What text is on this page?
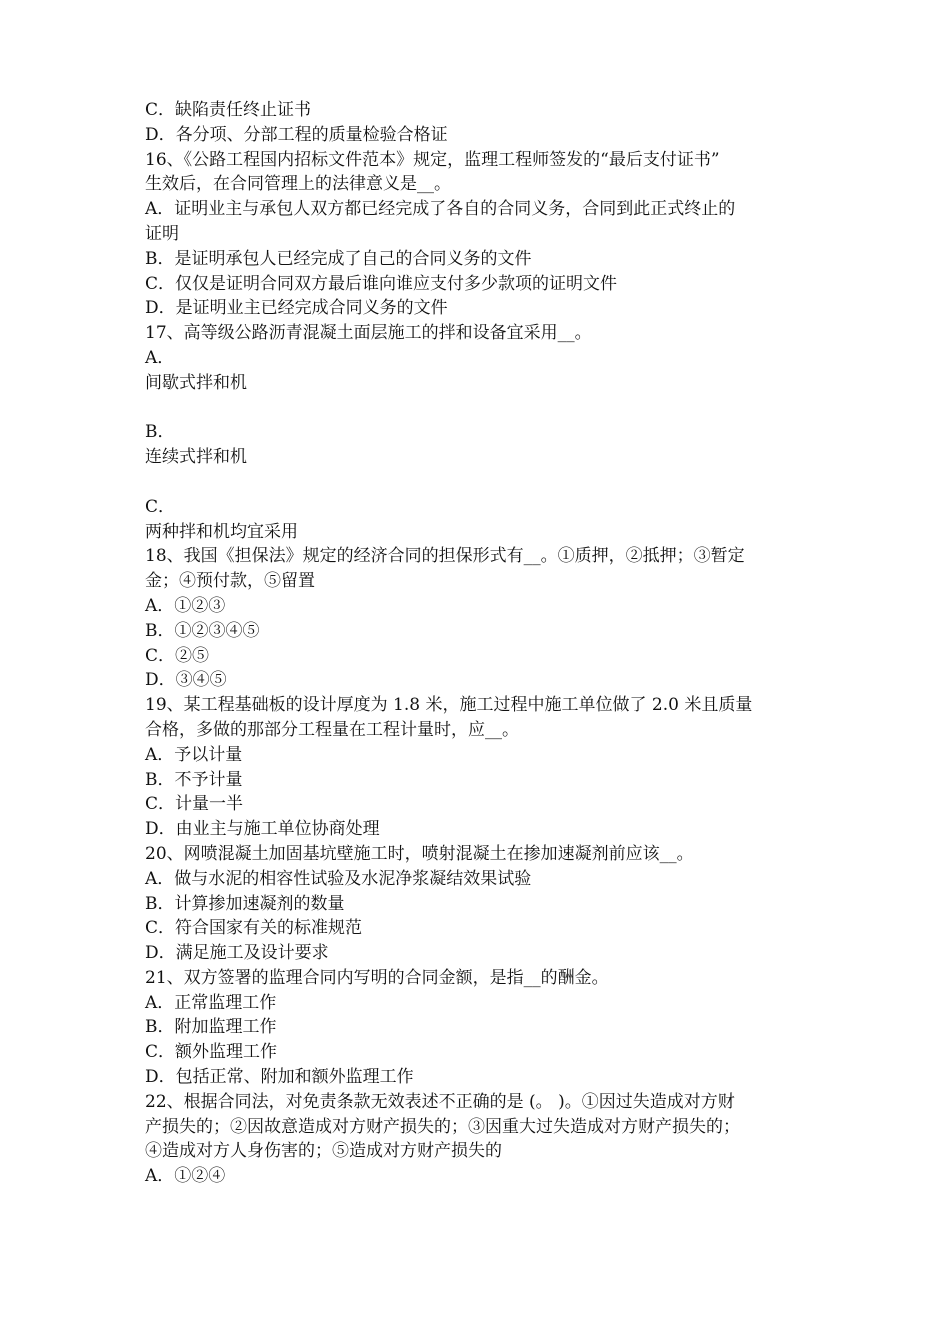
C．缺陷责任终止证书
D．各分项、分部工程的质量检验合格证
16、《公路工程国内招标文件范本》规定，监理工程师签发的“最后支付证书”
生效后，在合同管理上的法律意义是__。
A．证明业主与承包人双方都已经完成了各自的合同义务，合同到此正式终止的
证明
B．是证明承包人已经完成了自己的合同义务的文件
C．仅仅是证明合同双方最后谁向谁应支付多少款项的证明文件
D．是证明业主已经完成合同义务的文件
17、高等级公路沥青混凝土面层施工的拌和设备宜采用__。
A．
间歇式拌和机
B．
连续式拌和机
C．
两种拌和机均宜采用
18、我国《担保法》规定的经济合同的担保形式有__。①质押，②抵押；③暂定
金；④预付款，⑤留置
A．①②③
B．①②③④⑤
C．②⑤
D．③④⑤
19、某工程基础板的设计厚度为 1.8 米，施工过程中施工单位做了 2.0 米且质量
合格，多做的那部分工程量在工程计量时，应__。
A．予以计量
B．不予计量
C．计量一半
D．由业主与施工单位协商处理
20、网喷混凝土加固基坑壁施工时，喷射混凝土在掺加速凝剂前应该__。
A．做与水泥的相容性试验及水泥净浆凝结效果试验
B．计算掺加速凝剂的数量
C．符合国家有关的标准规范
D．满足施工及设计要求
21、双方签署的监理合同内写明的合同金额，是指__的酬金。
A．正常监理工作
B．附加监理工作
C．额外监理工作
D．包括正常、附加和额外监理工作
22、根据合同法，对免责条款无效表述不正确的是 (。 )。①因过失造成对方财
产损失的；②因故意造成对方财产损失的；③因重大过失造成对方财产损失的；
④造成对方人身伤害的；⑤造成对方财产损失的
A．①②④
